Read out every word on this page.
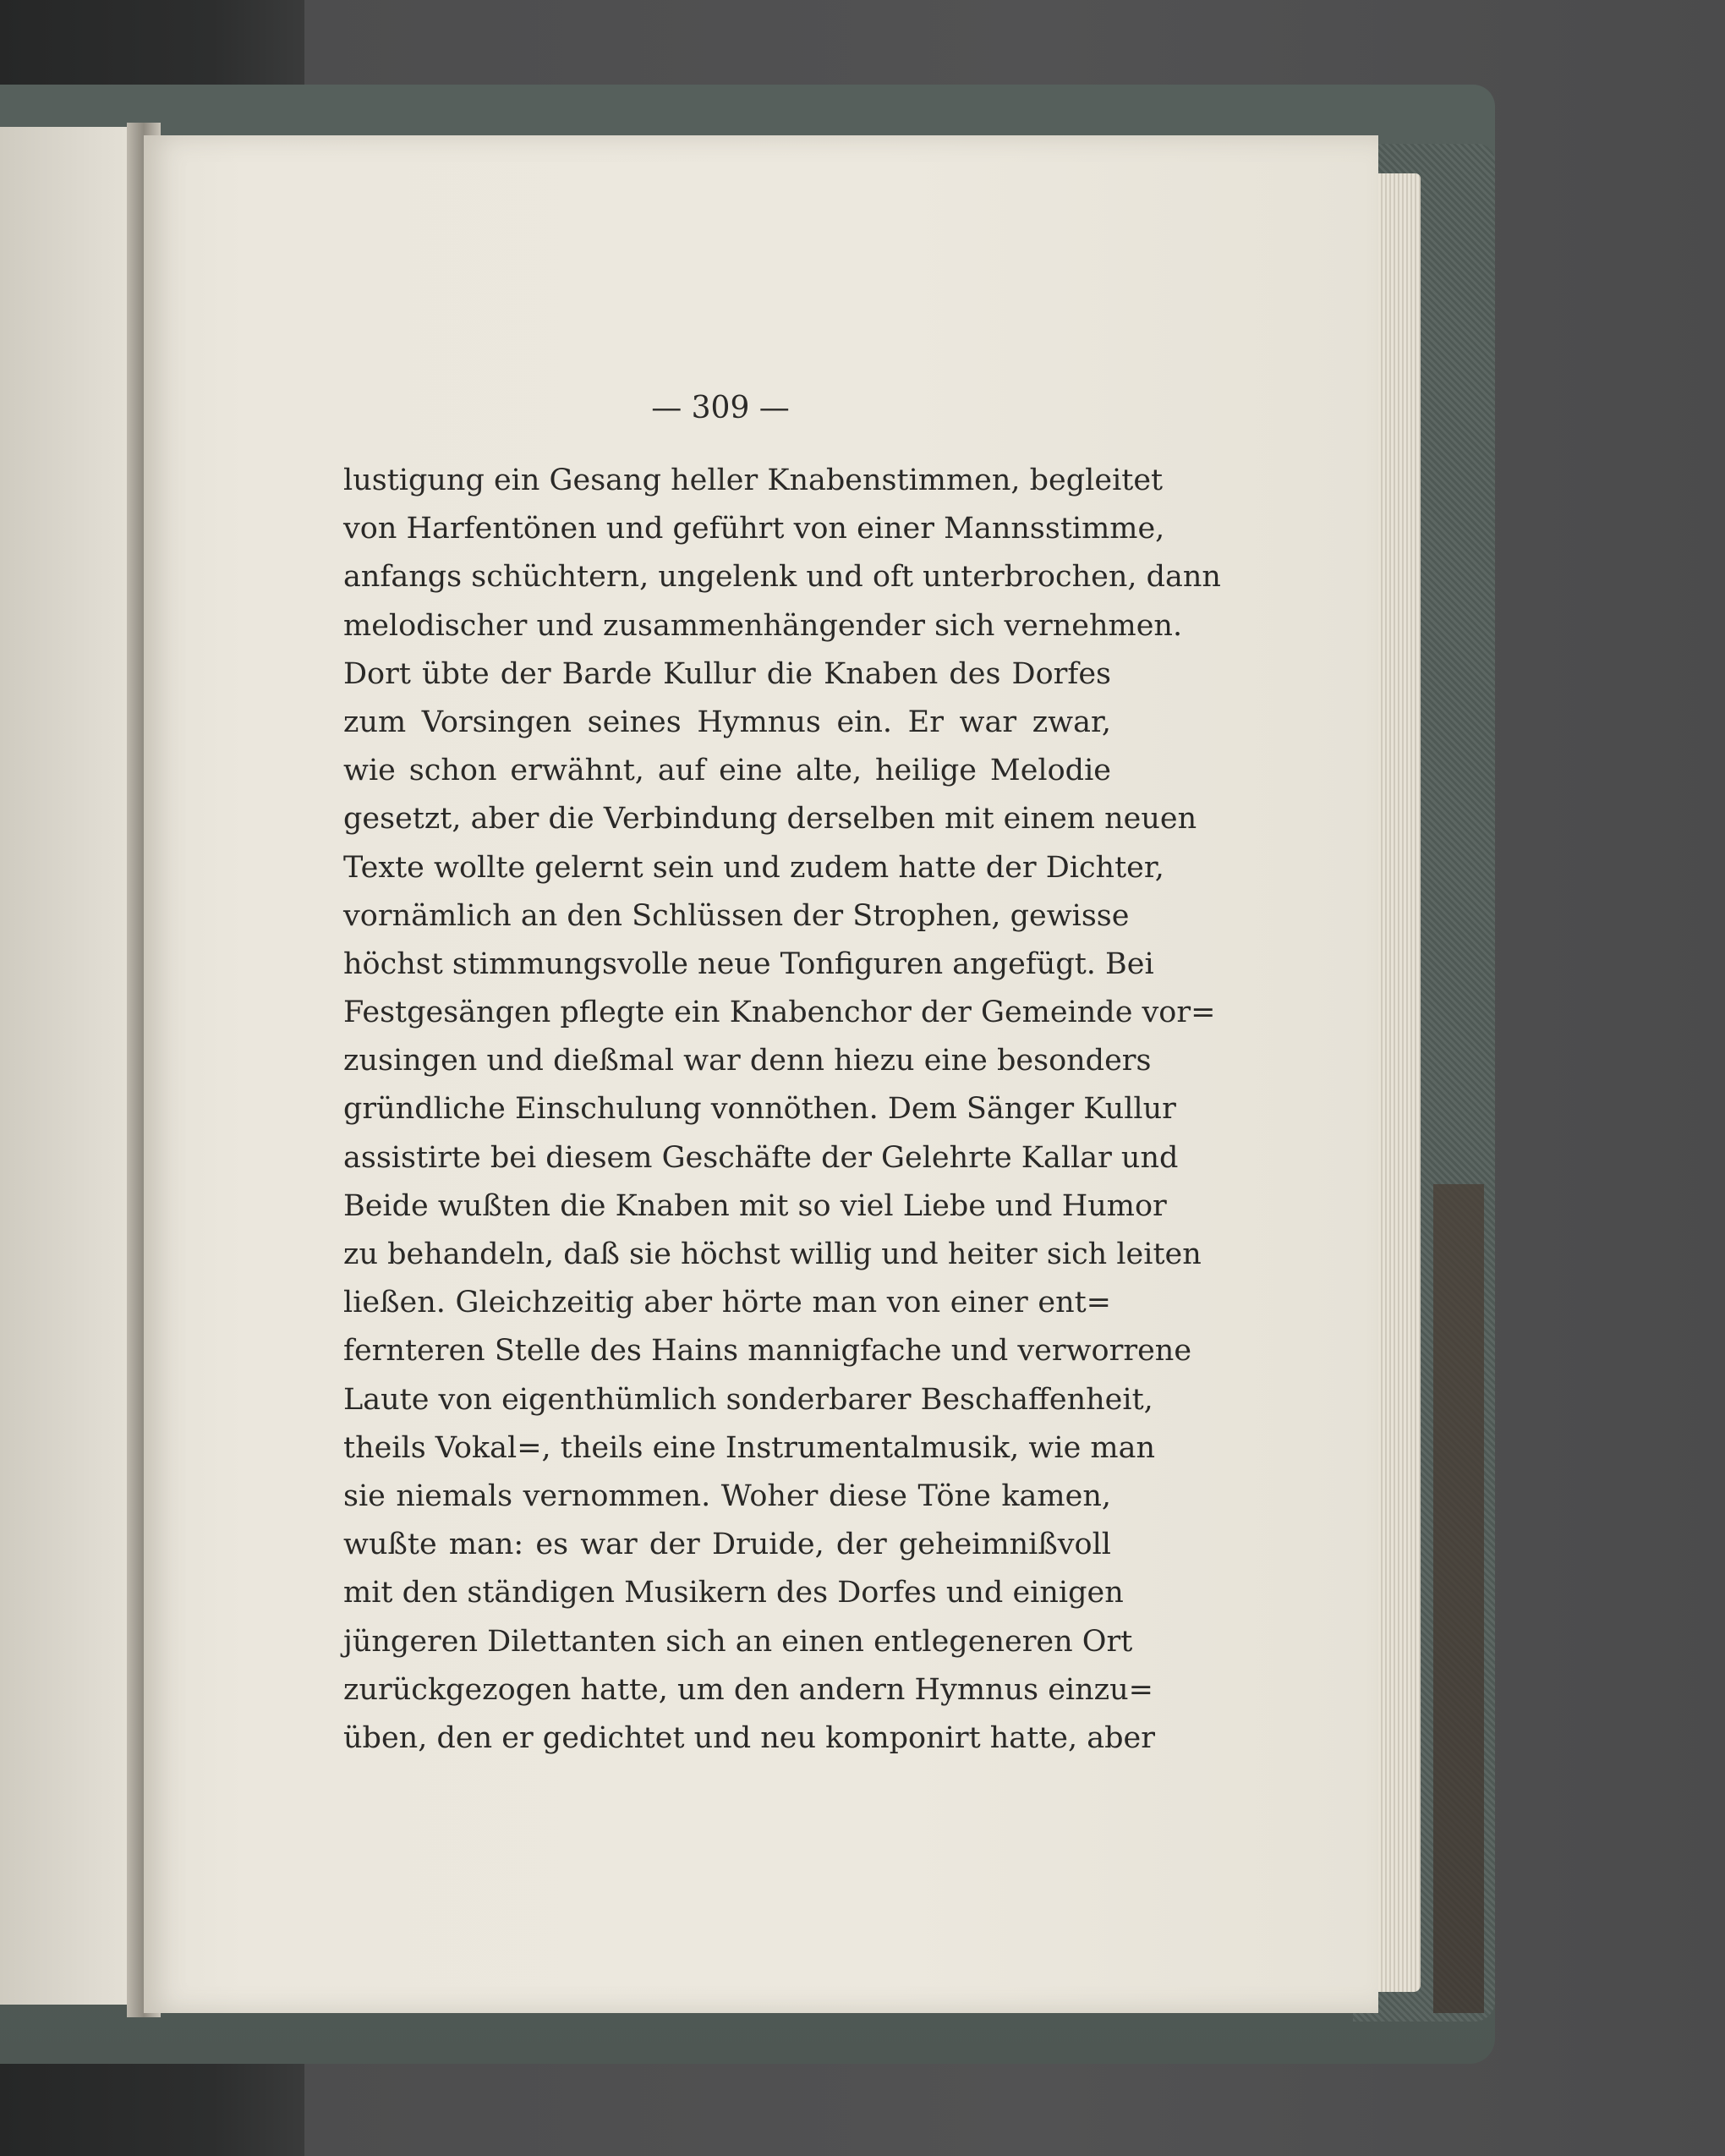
— 309 —
lustigung ein Gesang heller Knabenstimmen, begleitet
von Harfentönen und geführt von einer Mannsstimme,
anfangs schüchtern, ungelenk und oft unterbrochen, dann
melodischer und zusammenhängender sich vernehmen.
Dort übte der Barde Kullur die Knaben des Dorfes
zum Vorsingen seines Hymnus ein. Er war zwar,
wie schon erwähnt, auf eine alte, heilige Melodie
gesetzt, aber die Verbindung derselben mit einem neuen
Texte wollte gelernt sein und zudem hatte der Dichter,
vornämlich an den Schlüssen der Strophen, gewisse
höchst stimmungsvolle neue Tonfiguren angefügt. Bei
Festgesängen pflegte ein Knabenchor der Gemeinde vor=
zusingen und dießmal war denn hiezu eine besonders
gründliche Einschulung vonnöthen. Dem Sänger Kullur
assistirte bei diesem Geschäfte der Gelehrte Kallar und
Beide wußten die Knaben mit so viel Liebe und Humor
zu behandeln, daß sie höchst willig und heiter sich leiten
ließen. Gleichzeitig aber hörte man von einer ent=
fernteren Stelle des Hains mannigfache und verworrene
Laute von eigenthümlich sonderbarer Beschaffenheit,
theils Vokal=, theils eine Instrumentalmusik, wie man
sie niemals vernommen. Woher diese Töne kamen,
wußte man: es war der Druide, der geheimnißvoll
mit den ständigen Musikern des Dorfes und einigen
jüngeren Dilettanten sich an einen entlegeneren Ort
zurückgezogen hatte, um den andern Hymnus einzu=
üben, den er gedichtet und neu komponirt hatte, aber
